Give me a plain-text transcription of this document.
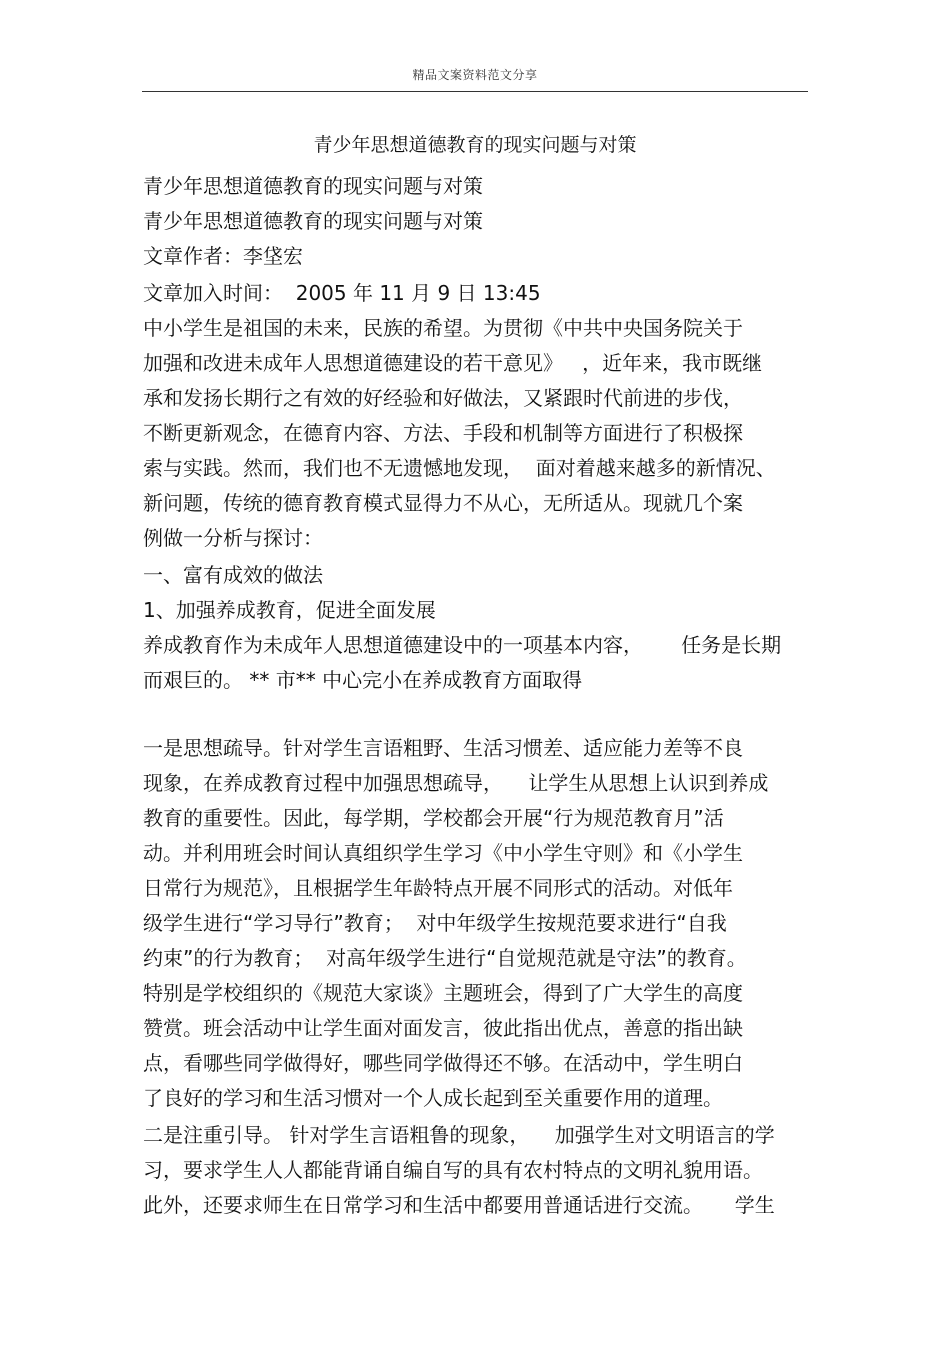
精品文案资料范文分享
青少年思想道德教育的现实问题与对策
青少年思想道德教育的现实问题与对策
青少年思想道德教育的现实问题与对策
文章作者：李垡宏
文章加入时间：  2005 年 11 月 9 日 13:45
中小学生是祖国的未来，民族的希望。为贯彻《中共中央国务院关于
加强和改进未成年人思想道德建设的若干意见》   ，近年来，我市既继
承和发扬长期行之有效的好经验和好做法，又紧跟时代前进的步伐，
不断更新观念，在德育内容、方法、手段和机制等方面进行了积极探
索与实践。然而，我们也不无遗憾地发现，  面对着越来越多的新情况、
新问题，传统的德育教育模式显得力不从心，无所适从。现就几个案
例做一分析与探讨：
一、富有成效的做法
1、加强养成教育，促进全面发展
养成教育作为未成年人思想道德建设中的一项基本内容，      任务是长期
而艰巨的。 ** 市** 中心完小在养成教育方面取得
一是思想疏导。针对学生言语粗野、生活习惯差、适应能力差等不良
现象，在养成教育过程中加强思想疏导，    让学生从思想上认识到养成
教育的重要性。因此，每学期，学校都会开展“行为规范教育月”活
动。并利用班会时间认真组织学生学习《中小学生守则》和《小学生
日常行为规范》，且根据学生年龄特点开展不同形式的活动。对低年
级学生进行“学习导行”教育；  对中年级学生按规范要求进行“自我
约束”的行为教育；  对高年级学生进行“自觉规范就是守法”的教育。
特别是学校组织的《规范大家谈》主题班会，得到了广大学生的高度
赞赏。班会活动中让学生面对面发言，彼此指出优点，善意的指出缺
点，看哪些同学做得好，哪些同学做得还不够。在活动中，学生明白
了良好的学习和生活习惯对一个人成长起到至关重要作用的道理。
二是注重引导。 针对学生言语粗鲁的现象，    加强学生对文明语言的学
习，要求学生人人都能背诵自编自写的具有农村特点的文明礼貌用语。
此外，还要求师生在日常学习和生活中都要用普通话进行交流。     学生
